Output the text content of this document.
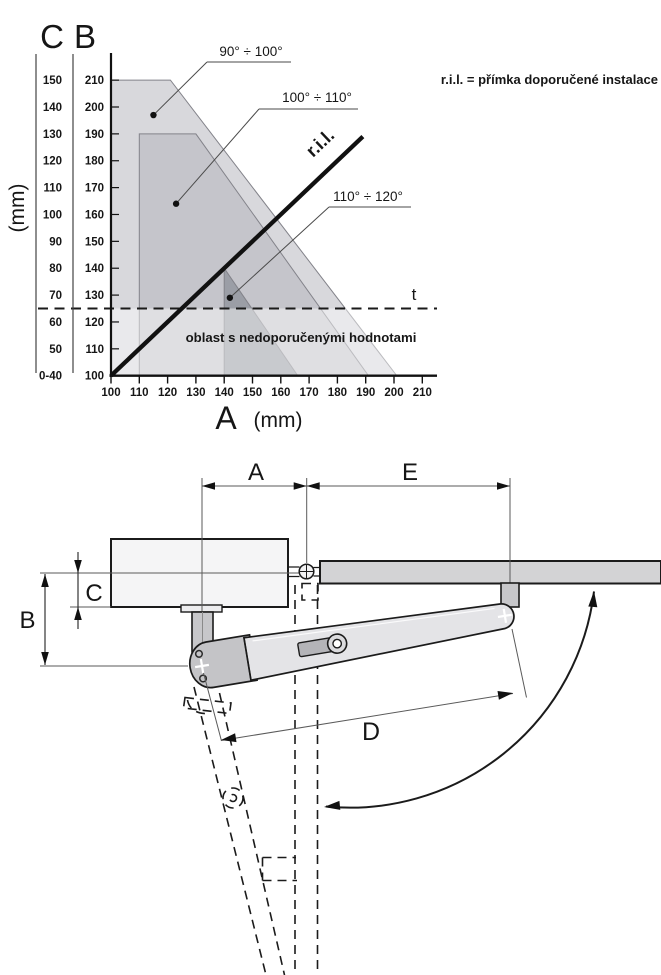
oblast s nedoporučenými hodnotami
t
r.i.l.
90° ÷ 100°
100° ÷ 110°
110° ÷ 120°
100 110 120 130 140 150 160 170 180 190 200 210
100
0-40
110
50
120
60
130
70
140
80
150
90
160
100
170
110
180
120
190
130
200
140
210
150
C B
(mm)
A (mm)
r.i.l. = přímka doporučené instalace
A	E
B
C
D
